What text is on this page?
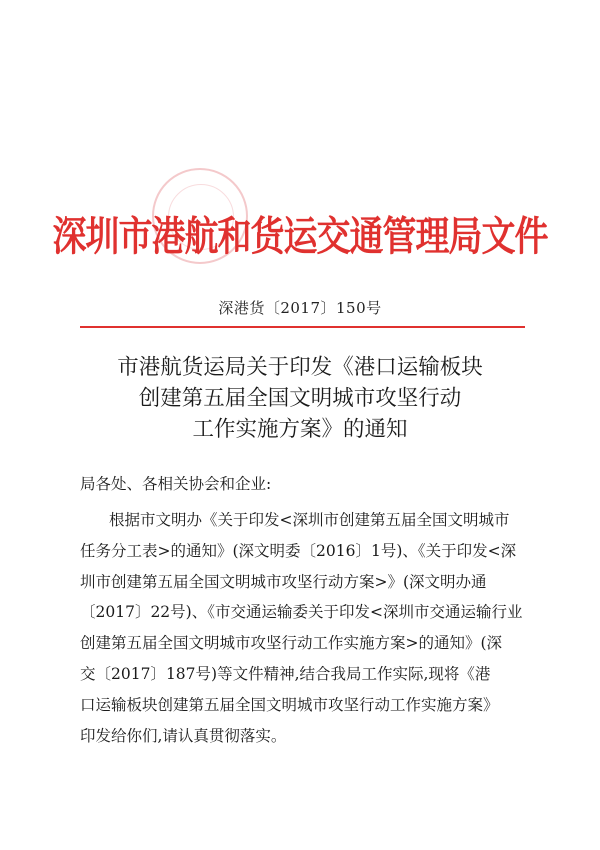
深圳市港航和货运交通管理局文件
深港货〔2017〕150号
市港航货运局关于印发《港口运输板块
创建第五届全国文明城市攻坚行动
工作实施方案》的通知
局各处、各相关协会和企业:
根据市文明办《关于印发<深圳市创建第五届全国文明城市
任务分工表>的通知》(深文明委〔2016〕1号)、《关于印发<深
圳市创建第五届全国文明城市攻坚行动方案>》(深文明办通
〔2017〕22号)、《市交通运输委关于印发<深圳市交通运输行业
创建第五届全国文明城市攻坚行动工作实施方案>的通知》(深
交〔2017〕187号)等文件精神,结合我局工作实际,现将《港
口运输板块创建第五届全国文明城市攻坚行动工作实施方案》
印发给你们,请认真贯彻落实。
